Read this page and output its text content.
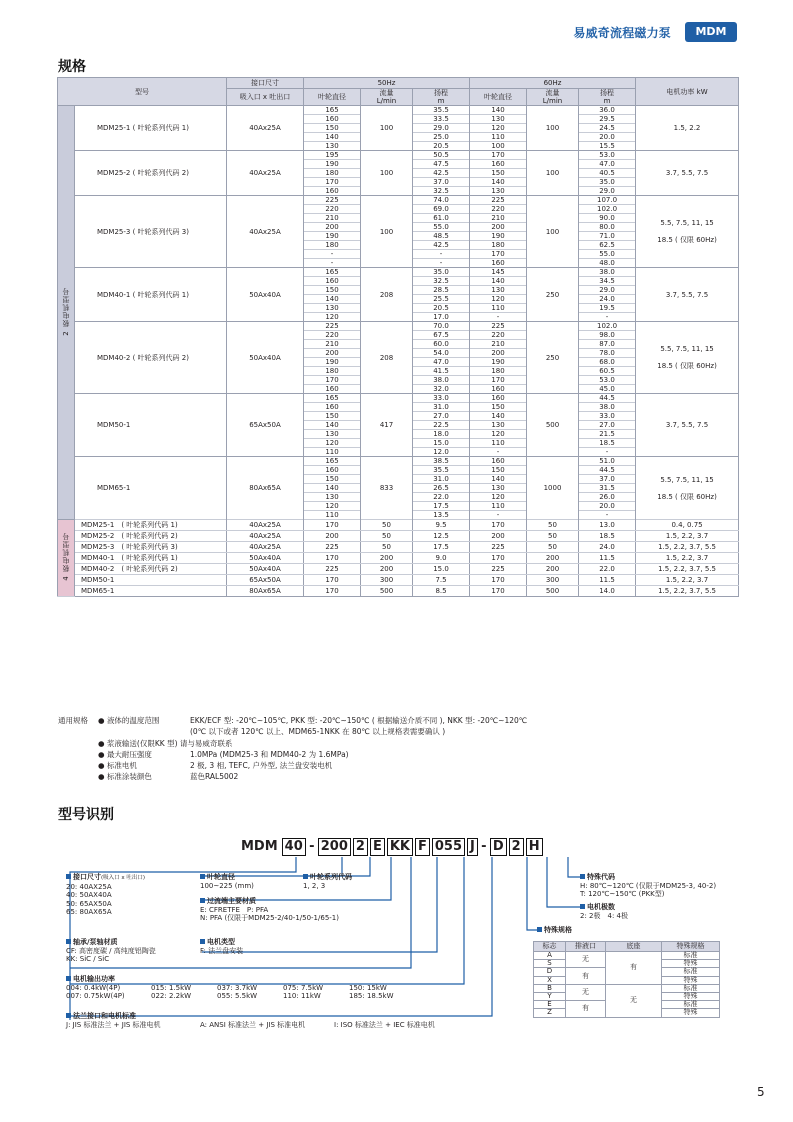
易威奇流程磁力泵	MDM
规格
型号		接口尺寸	50Hz			60Hz			电机功率 kW
		吸入口 x 吐出口	叶轮直径	流量 L/min	扬程 m	叶轮直径	流量 L/min	扬程 m	
2 极电机型号	MDM25-1 ( 叶轮系列代码 1)	40Ax25A	165	100	35.5	140	100	36.0	1.5, 2.2

			160		33.5	130		29.5	
			150		29.0	120		24.5	
			140		25.0	110		20.0	
			130		20.5	100		15.5	
	MDM25-2 ( 叶轮系列代码 2)	40Ax25A	195	100	50.5	170	100	53.0	3.7, 5.5, 7.5

			190		47.5	160		47.0	
			180		42.5	150		40.5	
			170		37.0	140		35.0	
			160		32.5	130		29.0	
	MDM25-3 ( 叶轮系列代码 3)	40Ax25A	225	100	74.0	225	100	107.0	5.5, 7.5, 11, 15
18.5 ( 仅限 60Hz)

			220		69.0	220		102.0	
			210		61.0	210		90.0	
			200		55.0	200		80.0	
			190		48.5	190		71.0	
			180		42.5	180		62.5	
			-		-	170		55.0	
			-		-	160		48.0	
	MDM40-1 ( 叶轮系列代码 1)	50Ax40A	165	208	35.0	145	250	38.0	3.7, 5.5, 7.5

			160		32.5	140		34.5	
			150		28.5	130		29.0	
			140		25.5	120		24.0	
			130		20.5	110		19.5	
			120		17.0	-		-	
	MDM40-2 ( 叶轮系列代码 2)	50Ax40A	225	208	70.0	225	250	102.0	5.5, 7.5, 11, 15
18.5 ( 仅限 60Hz)

			220		67.5	220		98.0	
			210		60.0	210		87.0	
			200		54.0	200		78.0	
			190		47.0	190		68.0	
			180		41.5	180		60.5	
			170		38.0	170		53.0	
			160		32.0	160		45.0	
	MDM50-1	65Ax50A	165	417	33.0	160	500	44.5	3.7, 5.5, 7.5

			160		31.0	150		38.0	
			150		27.0	140		33.0	
			140		22.5	130		27.0	
			130		18.0	120		21.5	
			120		15.0	110		18.5	
			110		12.0	-		-	
	MDM65-1	80Ax65A	165	833	38.5	160	1000	51.0	5.5, 7.5, 11, 15
18.5 ( 仅限 60Hz)

			160		35.5	150		44.5	
			150		31.0	140		37.0	
			140		26.5	130		31.5	
			130		22.0	120		26.0	
			120		17.5	110		20.0	
			110		13.5	-		-	
4 极电机型号	MDM25-1　( 叶轮系列代码 1)	40Ax25A	170	50	9.5	170	50	13.0	0.4, 0.75
	MDM25-2　( 叶轮系列代码 2)	40Ax25A	200	50	12.5	200	50	18.5	1.5, 2.2, 3.7
	MDM25-3　( 叶轮系列代码 3)	40Ax25A	225	50	17.5	225	50	24.0	1.5, 2.2, 3.7, 5.5
	MDM40-1　( 叶轮系列代码 1)	50Ax40A	170	200	9.0	170	200	11.5	1.5, 2.2, 3.7
	MDM40-2　( 叶轮系列代码 2)	50Ax40A	225	200	15.0	225	200	22.0	1.5, 2.2, 3.7, 5.5
	MDM50-1	65Ax50A	170	300	7.5	170	300	11.5	1.5, 2.2, 3.7
	MDM65-1	80Ax65A	170	500	8.5	170	500	14.0	1.5, 2.2, 3.7, 5.5
通用规格	● 液体的温度范围	EKK/ECF 型: -20℃~105℃, PKK 型: -20℃~150℃ ( 根据输送介质不同 ), NKK 型: -20℃~120℃
(0℃ 以下或者 120℃ 以上、MDM65-1NKK 在 80℃ 以上规格表需要确认 )
● 浆液输送(仅限KK 型) 请与易威奇联系
● 最大耐压强度	1.0MPa (MDM25-3 和 MDM40-2 为 1.6MPa)
● 标准电机	2 极, 3 相, TEFC, 户外型, 法兰盘安装电机
● 标准涂装颜色	蓝色RAL5002
型号识别
MDM 40 - 200 2 E KK F 055 J - D 2 H
接口尺寸(吸入口 x 吐出口)
20: 40AX25A
40: 50AX40A
50: 65AX50A
65: 80AX65A
叶轮直径
100~225 (mm)
叶轮系列代码
1, 2, 3
过流端主要材质
E: CFRETFE　P: PFA
N: PFA (仅限于MDM25-2/40-1/50-1/65-1)
轴承/泵轴材质
CF: 高密度碳 / 高纯度铝陶瓷
KK: SiC / SiC
电机类型
F: 法兰盘安装
电机输出功率
004: 0.4kW(4P)	015: 1.5kW	037: 3.7kW	075: 7.5kW	150: 15kW
007: 0.75kW(4P)	022: 2.2kW	055: 5.5kW	110: 11kW	185: 18.5kW
法兰接口和电机标准
J: JIS 标准法兰 + JIS 标准电机	A: ANSI 标准法兰 + JIS 标准电机	I: ISO 标准法兰 + IEC 标准电机
特殊代码
H: 80℃~120℃ (仅限于MDM25-3, 40-2)
T: 120℃~150℃ (PKK型)
电机极数
2: 2极　4: 4极
特殊规格
标志	排液口	底座	特殊规格
A	无	有	标准
S			特殊
D	有		标准
X			特殊
B	无	无	标准
Y			特殊
E	有		标准
Z			特殊
5
